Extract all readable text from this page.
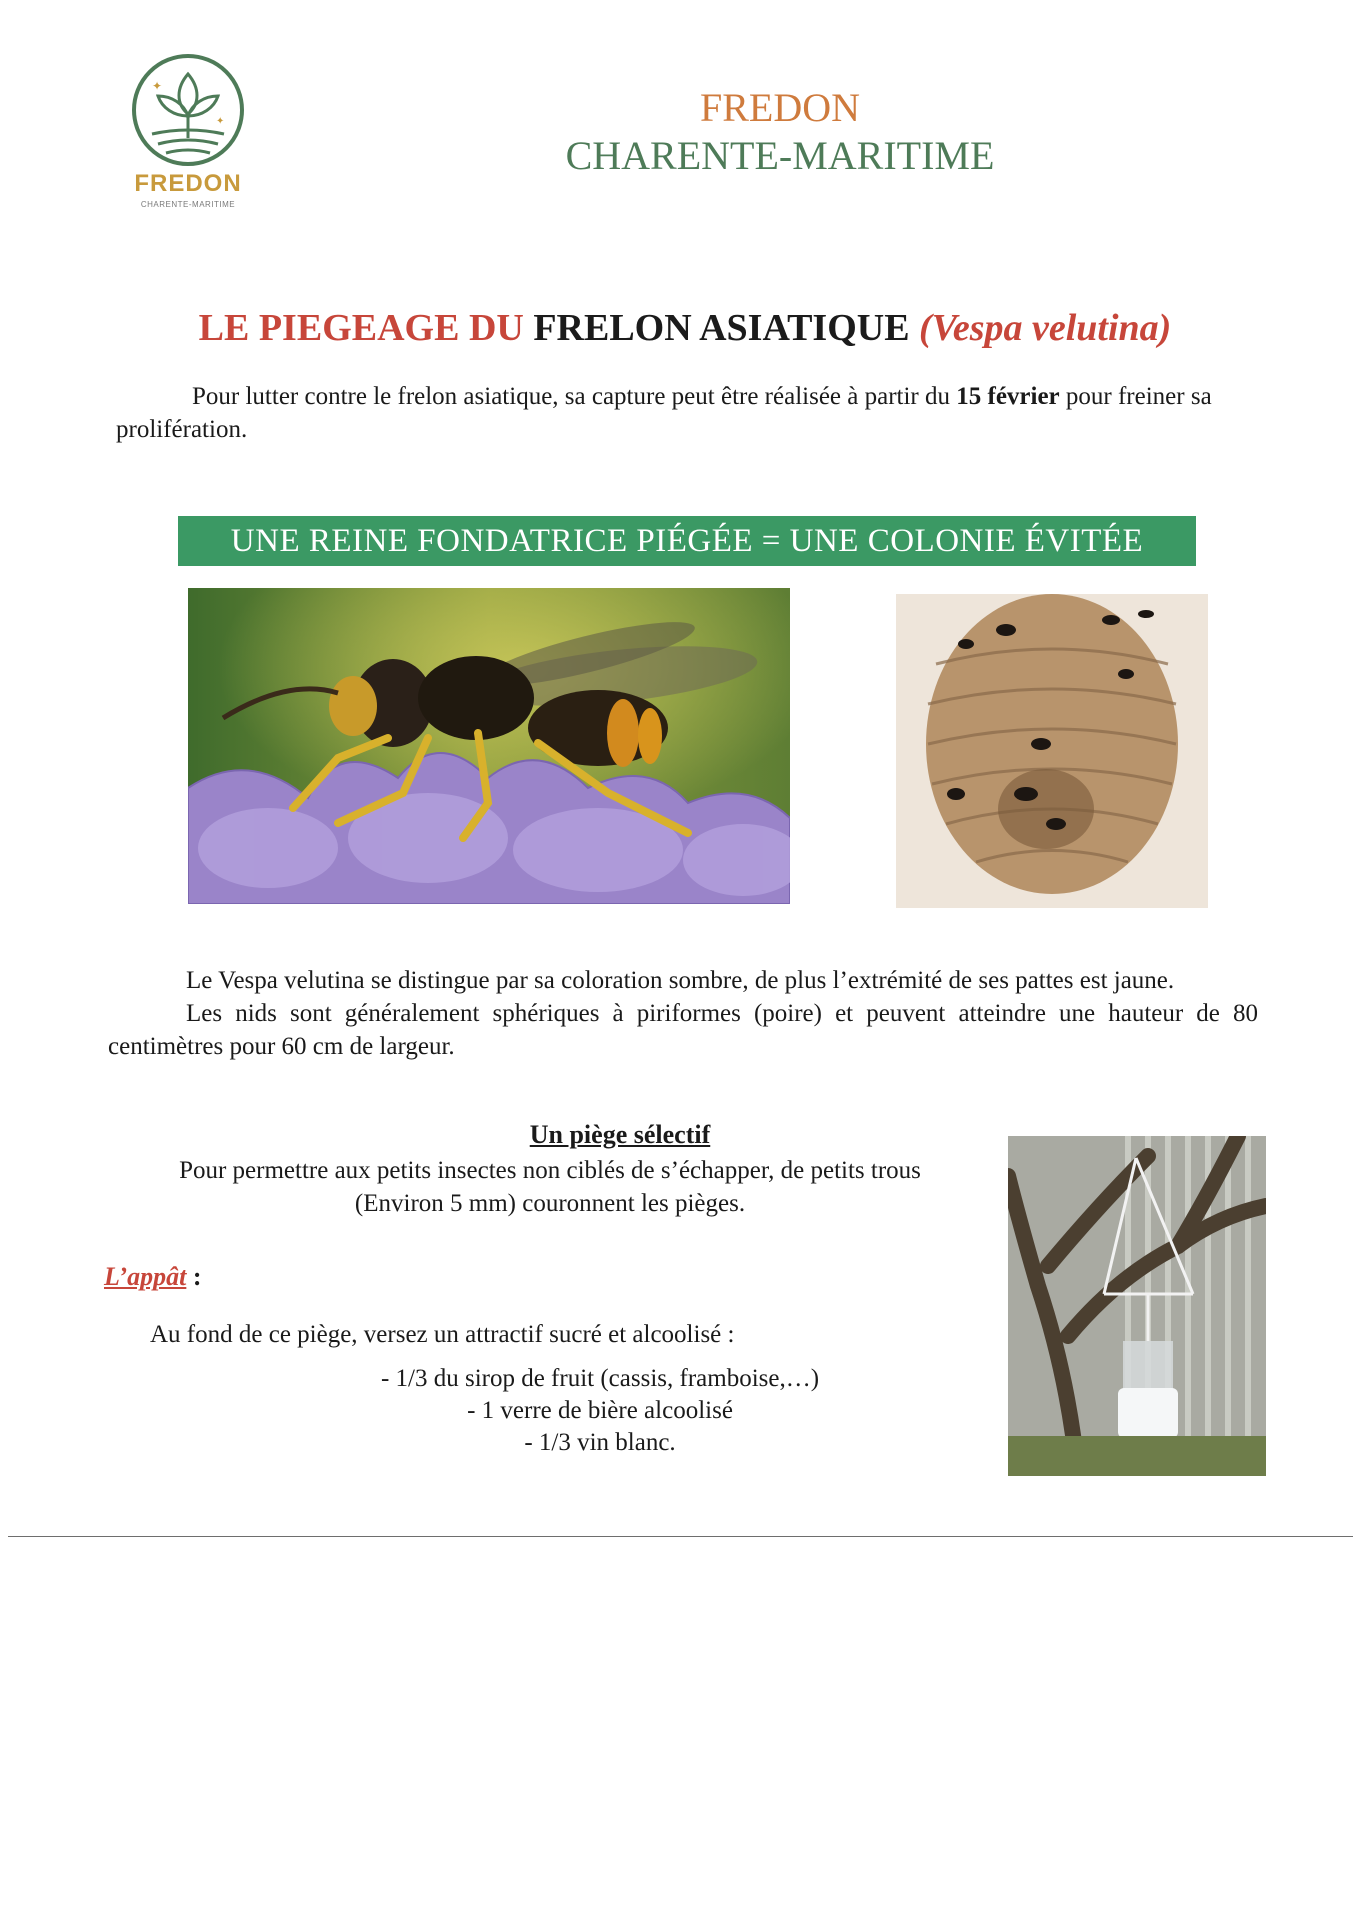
✦
✦
FREDON
CHARENTE-MARITIME
FREDON
CHARENTE-MARITIME
LE PIEGEAGE DU FRELON ASIATIQUE (Vespa velutina)
Pour lutter contre le frelon asiatique, sa capture peut être réalisée à partir du 15 février pour freiner sa prolifération.
UNE REINE FONDATRICE PIÉGÉE = UNE COLONIE ÉVITÉE

Le Vespa velutina se distingue par sa coloration sombre, de plus l’extrémité de ses pattes est jaune.

Les nids sont généralement sphériques à piriformes (poire) et peuvent atteindre une hauteur de 80 centimètres pour 60 cm de largeur.

Un piège sélectif
Pour permettre aux petits insectes non ciblés de s’échapper, de petits trous
(Environ 5 mm) couronnent les pièges.
L’appât :
Au fond de ce piège, versez un attractif sucré et alcoolisé :
- 1/3 du sirop de fruit (cassis, framboise,…)
- 1 verre de bière alcoolisé
- 1/3 vin blanc.
